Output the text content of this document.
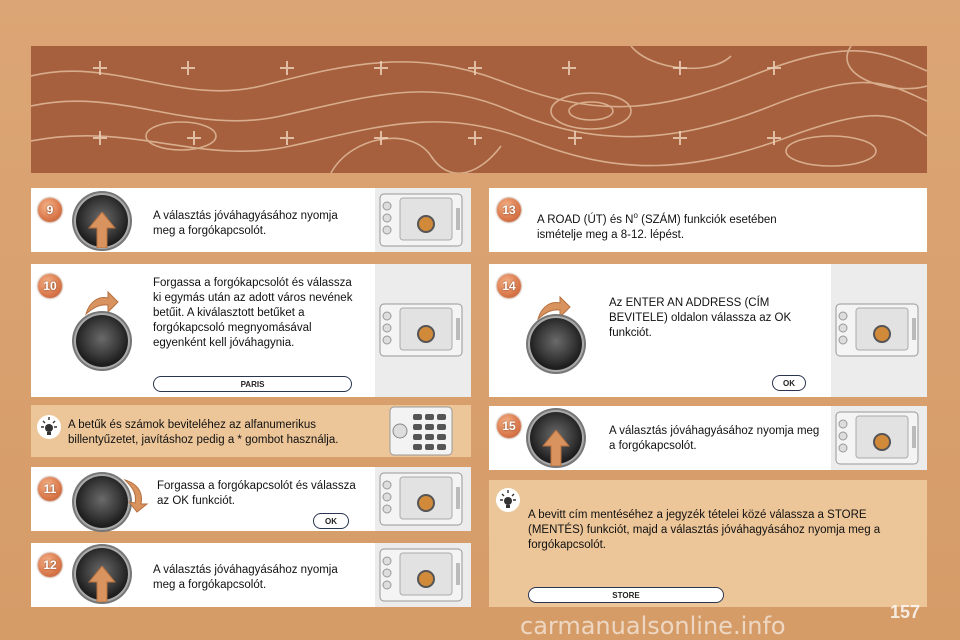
9	A választás jóváhagyásához nyomja meg a forgókapcsolót.
10	Forgassa a forgókapcsolót és válassza ki egymás után az adott város nevének betűit. A kiválasztott betűket a forgókapcsoló megnyomásával egyenként kell jóváhagynia.
PARIS
A betűk és számok beviteléhez az alfanumerikus billentyűzetet, javításhoz pedig a * gombot használja.
11	Forgassa a forgókapcsolót és válassza az OK funkciót.
OK
12	A választás jóváhagyásához nyomja meg a forgókapcsolót.
13
A ROAD (ÚT) és $N^o$ (SZÁM) funkciók esetében ismételje meg a 8-12. lépést.
14
Az ENTER AN ADDRESS (CÍM BEVITELE) oldalon válassza az OK funkciót.
OK
15	A választás jóváhagyásához nyomja meg a forgókapcsolót.
A bevitt cím mentéséhez a jegyzék tételei közé válassza a STORE (MENTÉS) funkciót, majd a választás jóváhagyásához nyomja meg a forgókapcsolót.
STORE
157
carmanualsonline.info
